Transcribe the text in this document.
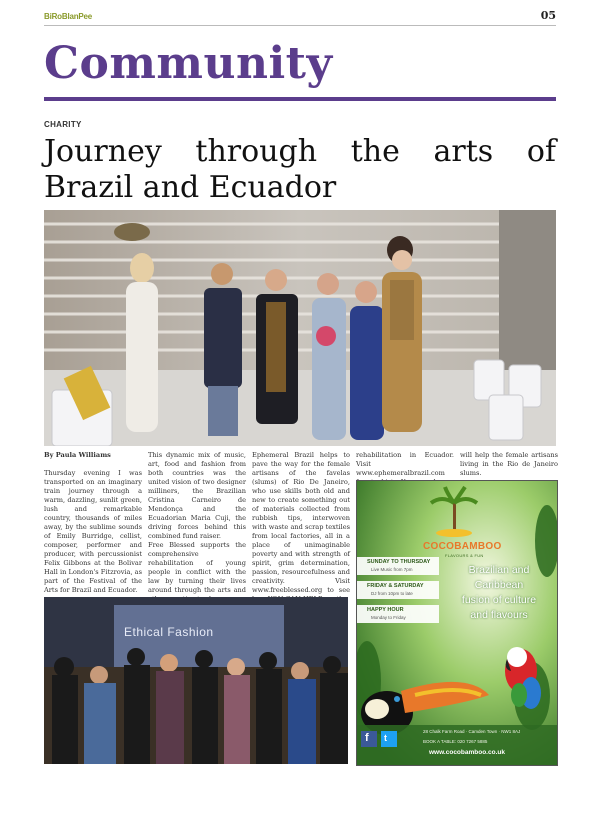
BiRoBlanPee	05
Community
CHARITY
Journey through the arts of Brazil and Ecuador

By Paula Williams

Thursday evening I was transported on an imaginary train journey through a warm, dazzling, sunlit green, lush and remarkable country, thousands of miles away, by the sublime sounds of Emily Burridge, cellist, composer, performer and producer, with percussionist Felix Gibbons at the Bolivar Hall in London's Fitzrovia, as part of the Festival of the Arts for Brazil and Ecuador.

This dynamic mix of music, art, food and fashion from both countries was the united vision of two designer milliners, the Brazilian Cristina Carneiro de Mendonça and the Ecuadorian Maria Cuji, the driving forces behind this combined fund raiser.

Free Blessed supports the comprehensive rehabilitation of young people in conflict with the law by turning their lives around through the arts and

Ephemeral Brazil helps to pave the way for the female artisans of the favelas (slums) of Rio De Janeiro, who use skills both old and new to create something out of materials collected from rubbish tips, interwoven with waste and scrap textiles from local factories, all in a place of unimaginable poverty and with strength of spirit, grim determination, passion, resourcefulness and creativity. Visit www.freeblessed.org to see

rehabilitation in Ecuador. Visit www.ephemeralbrazil.com

will help the female artisans living in the Rio de Janeiro slums.

Ethical Fashion
COCOBAMBOO
FLAVOURS & FUN
SUNDAY TO THURSDAY
Live Music from 7pm
FRIDAY & SATURDAY
DJ from 10pm to late
HAPPY HOUR
Monday to Friday
Brazilian and
Caribbean
fusion of culture
and flavours
f t
28 Chalk Farm Road · Camden Town · NW1 8AJ
BOOK A TABLE: 020 7267 5885
www.cocobamboo.co.uk
